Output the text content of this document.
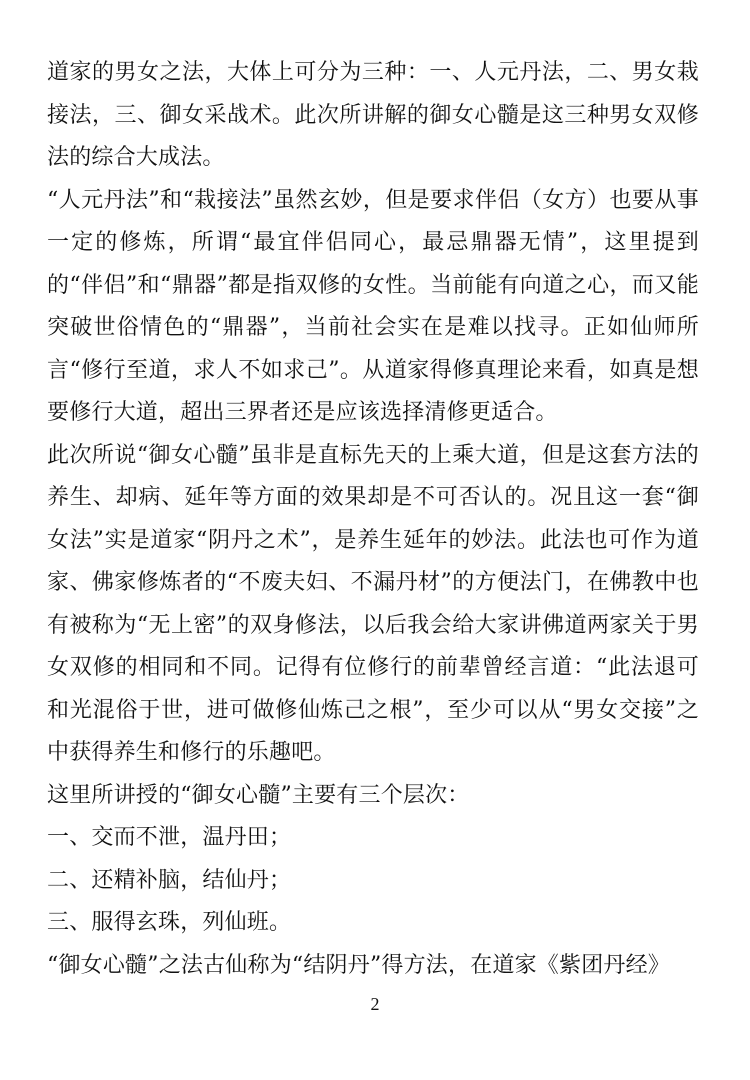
道家的男女之法，大体上可分为三种：一、人元丹法，二、男女栽接法，三、御女采战术。此次所讲解的御女心髓是这三种男女双修法的综合大成法。

“人元丹法”和“栽接法”虽然玄妙，但是要求伴侣（女方）也要从事一定的修炼，所谓“最宜伴侣同心，最忌鼎器无情”，这里提到的“伴侣”和“鼎器”都是指双修的女性。当前能有向道之心，而又能突破世俗情色的“鼎器”，当前社会实在是难以找寻。正如仙师所言“修行至道，求人不如求己”。从道家得修真理论来看，如真是想要修行大道，超出三界者还是应该选择清修更适合。

此次所说“御女心髓”虽非是直标先天的上乘大道，但是这套方法的养生、却病、延年等方面的效果却是不可否认的。况且这一套“御女法”实是道家“阴丹之术”，是养生延年的妙法。此法也可作为道家、佛家修炼者的“不废夫妇、不漏丹材”的方便法门，在佛教中也有被称为“无上密”的双身修法，以后我会给大家讲佛道两家关于男女双修的相同和不同。记得有位修行的前辈曾经言道：“此法退可和光混俗于世，进可做修仙炼己之根”，至少可以从“男女交接”之中获得养生和修行的乐趣吧。

这里所讲授的“御女心髓”主要有三个层次：

一、交而不泄，温丹田；

二、还精补脑，结仙丹；

三、服得玄珠，列仙班。

“御女心髓”之法古仙称为“结阴丹”得方法，在道家《紫团丹经》

2
